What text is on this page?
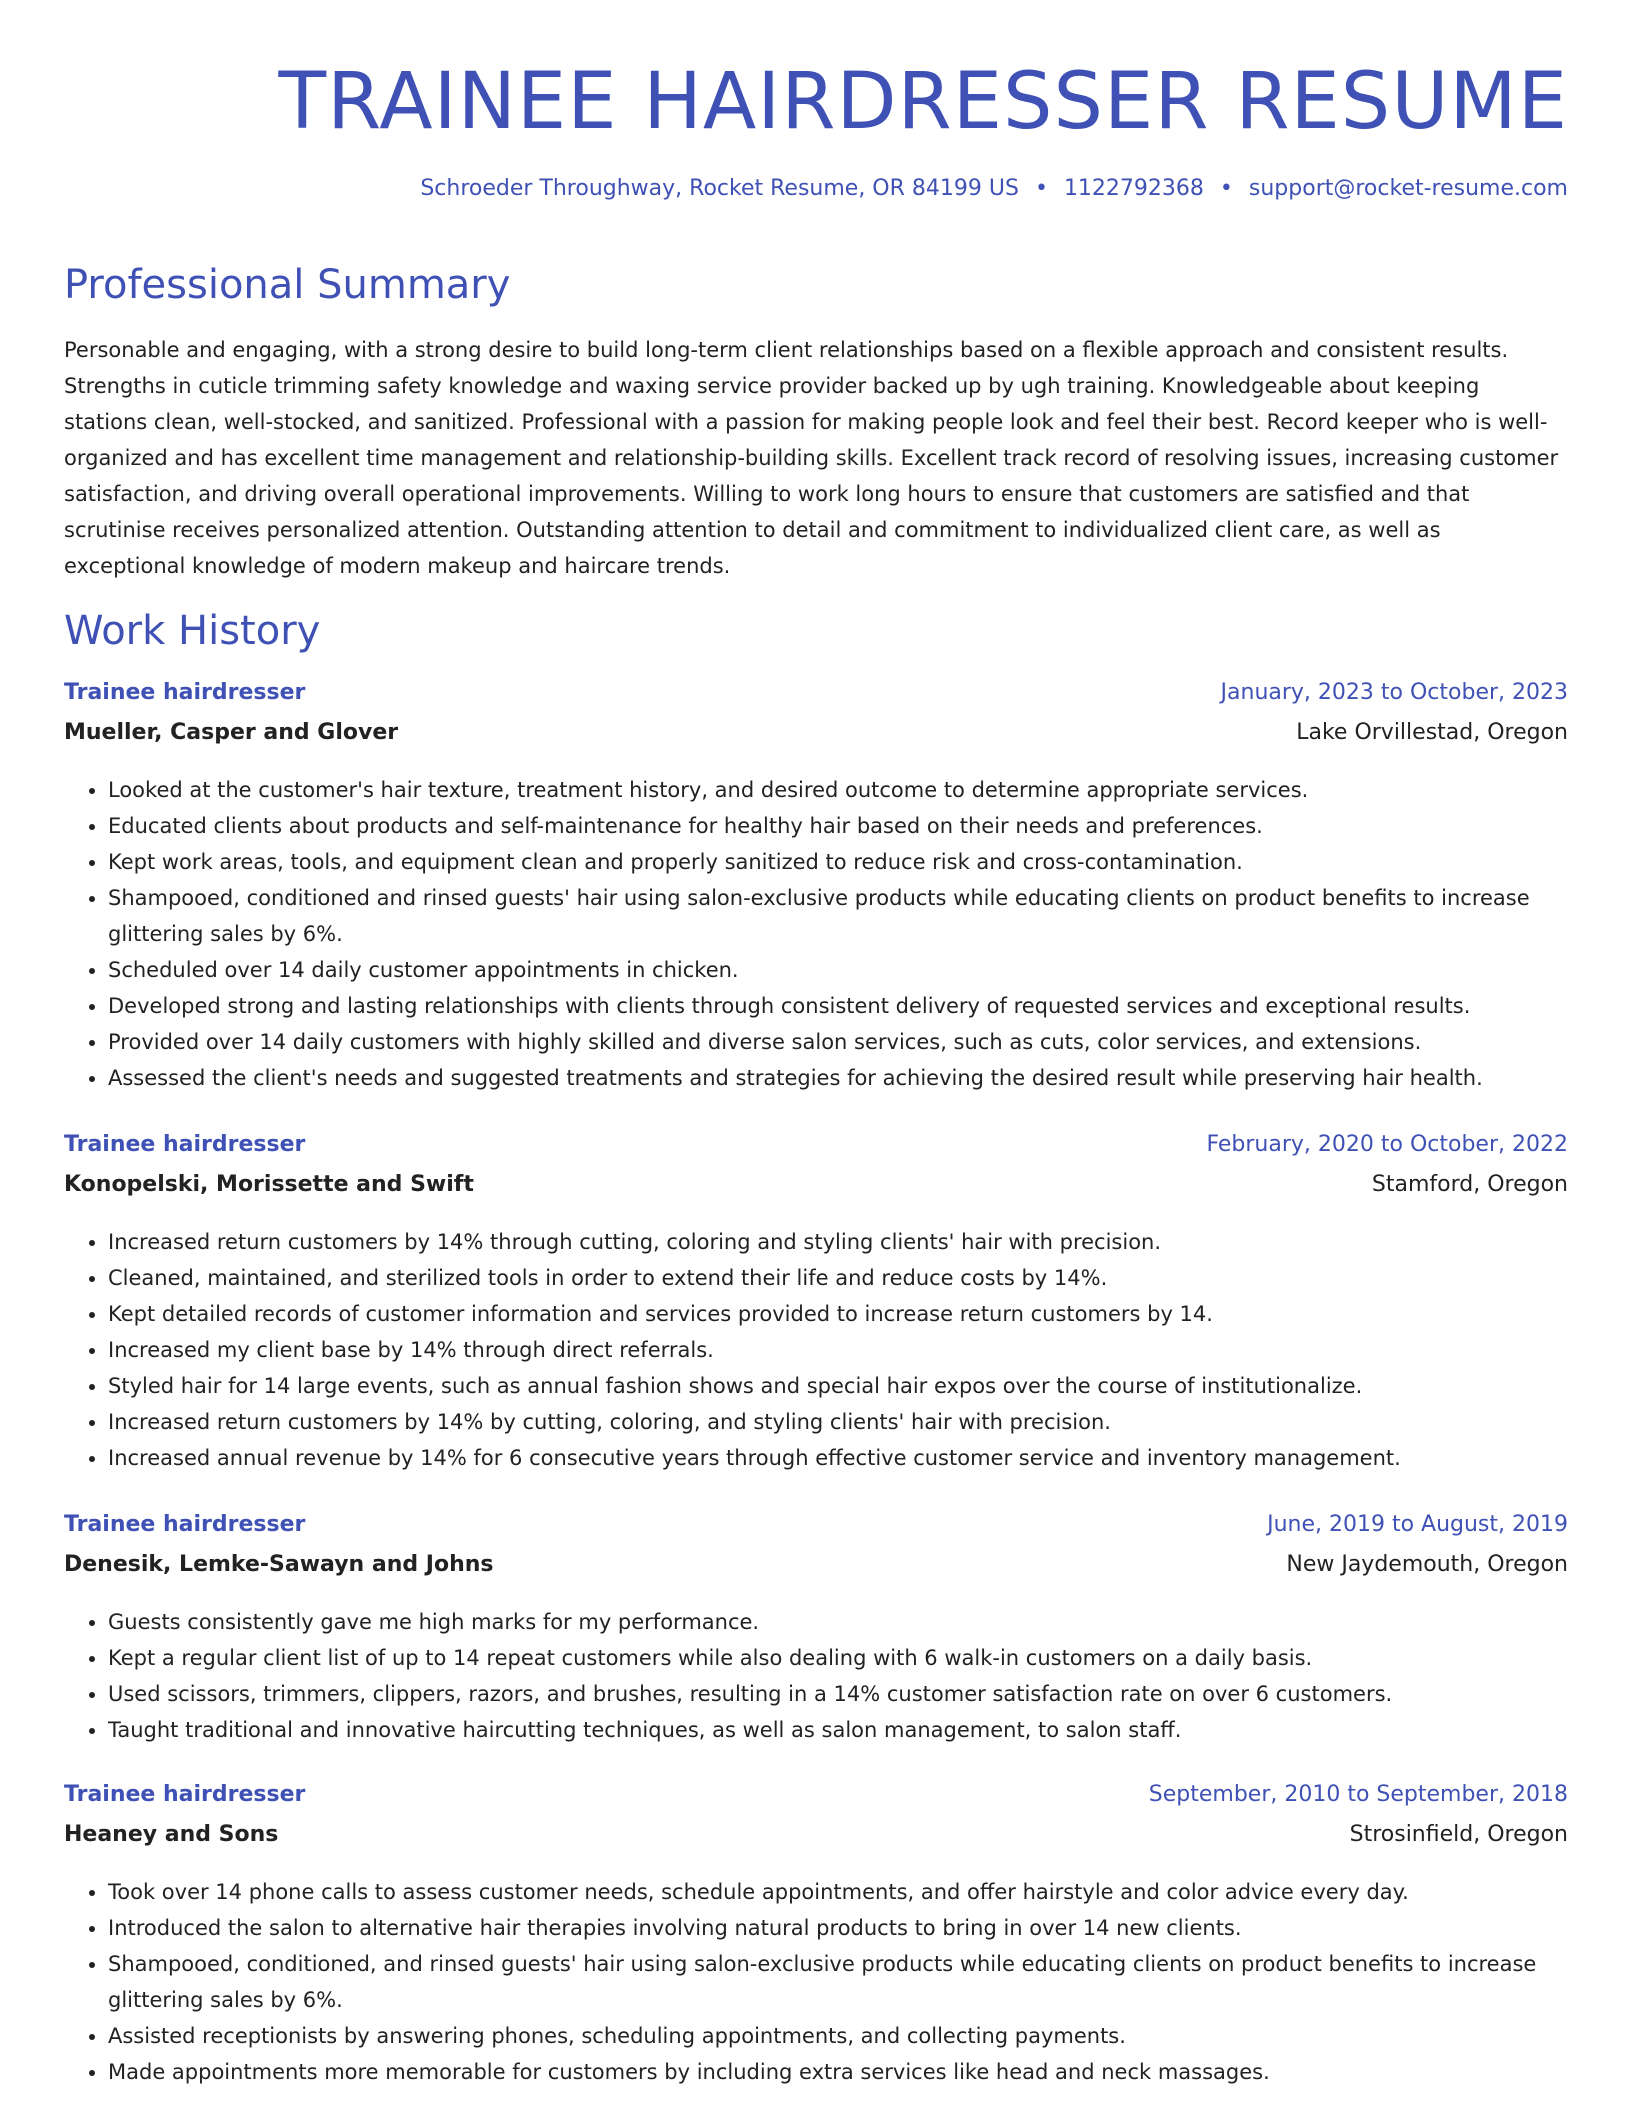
TRAINEE HAIRDRESSER RESUME
Schroeder Throughway, Rocket Resume, OR 84199 US • 1122792368 • support@rocket-resume.com
Professional Summary

Personable and engaging, with a strong desire to build long-term client relationships based on a flexible approach and consistent results. Strengths in cuticle trimming safety knowledge and waxing service provider backed up by ugh training. Knowledgeable about keeping stations clean, well-stocked, and sanitized. Professional with a passion for making people look and feel their best. Record keeper who is well-organized and has excellent time management and relationship-building skills. Excellent track record of resolving issues, increasing customer satisfaction, and driving overall operational improvements. Willing to work long hours to ensure that customers are satisfied and that scrutinise receives personalized attention. Outstanding attention to detail and commitment to individualized client care, as well as exceptional knowledge of modern makeup and haircare trends.

Work History
Trainee hairdresser	January, 2023 to October, 2023
Mueller, Casper and Glover	Lake Orvillestad, Oregon
• Looked at the customer's hair texture, treatment history, and desired outcome to determine appropriate services.
• Educated clients about products and self-maintenance for healthy hair based on their needs and preferences.
• Kept work areas, tools, and equipment clean and properly sanitized to reduce risk and cross-contamination.
• Shampooed, conditioned and rinsed guests' hair using salon-exclusive products while educating clients on product benefits to increase glittering sales by 6%.
• Scheduled over 14 daily customer appointments in chicken.
• Developed strong and lasting relationships with clients through consistent delivery of requested services and exceptional results.
• Provided over 14 daily customers with highly skilled and diverse salon services, such as cuts, color services, and extensions.
• Assessed the client's needs and suggested treatments and strategies for achieving the desired result while preserving hair health.
Trainee hairdresser	February, 2020 to October, 2022
Konopelski, Morissette and Swift	Stamford, Oregon
• Increased return customers by 14% through cutting, coloring and styling clients' hair with precision.
• Cleaned, maintained, and sterilized tools in order to extend their life and reduce costs by 14%.
• Kept detailed records of customer information and services provided to increase return customers by 14.
• Increased my client base by 14% through direct referrals.
• Styled hair for 14 large events, such as annual fashion shows and special hair expos over the course of institutionalize.
• Increased return customers by 14% by cutting, coloring, and styling clients' hair with precision.
• Increased annual revenue by 14% for 6 consecutive years through effective customer service and inventory management.
Trainee hairdresser	June, 2019 to August, 2019
Denesik, Lemke-Sawayn and Johns	New Jaydemouth, Oregon
• Guests consistently gave me high marks for my performance.
• Kept a regular client list of up to 14 repeat customers while also dealing with 6 walk-in customers on a daily basis.
• Used scissors, trimmers, clippers, razors, and brushes, resulting in a 14% customer satisfaction rate on over 6 customers.
• Taught traditional and innovative haircutting techniques, as well as salon management, to salon staff.
Trainee hairdresser	September, 2010 to September, 2018
Heaney and Sons	Strosinfield, Oregon
• Took over 14 phone calls to assess customer needs, schedule appointments, and offer hairstyle and color advice every day.
• Introduced the salon to alternative hair therapies involving natural products to bring in over 14 new clients.
• Shampooed, conditioned, and rinsed guests' hair using salon-exclusive products while educating clients on product benefits to increase glittering sales by 6%.
• Assisted receptionists by answering phones, scheduling appointments, and collecting payments.
• Made appointments more memorable for customers by including extra services like head and neck massages.
